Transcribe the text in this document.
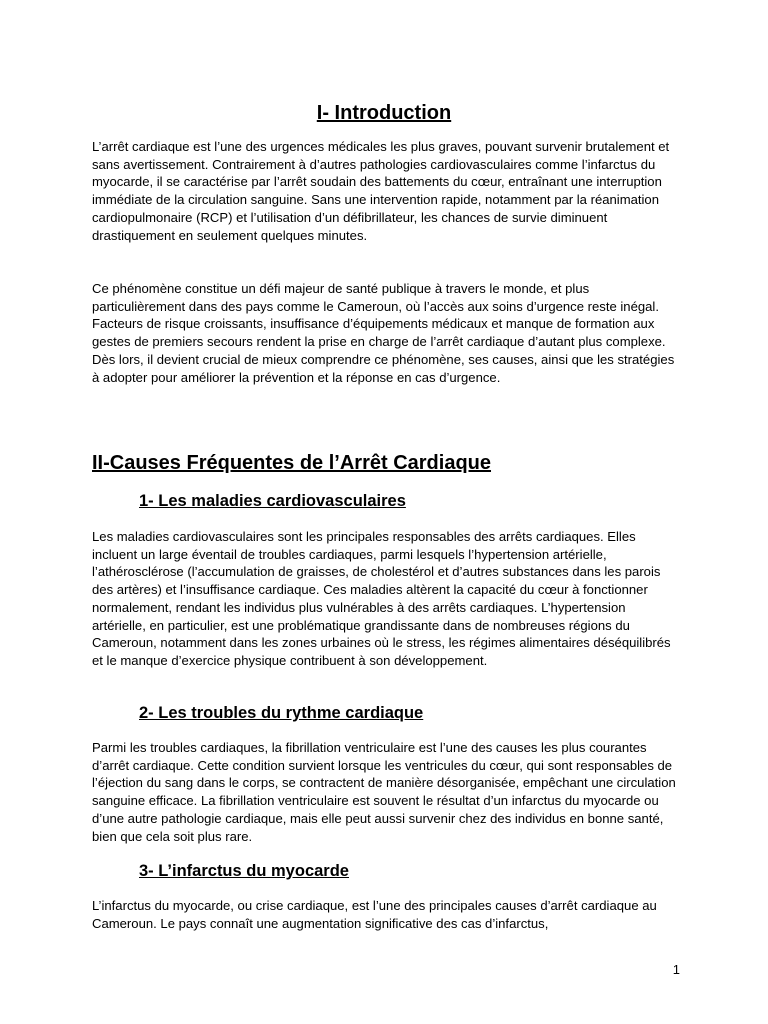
I- Introduction

L’arrêt cardiaque est l’une des urgences médicales les plus graves, pouvant survenir brutalement et sans avertissement. Contrairement à d’autres pathologies cardiovasculaires comme l’infarctus du myocarde, il se caractérise par l’arrêt soudain des battements du cœur, entraînant une interruption immédiate de la circulation sanguine. Sans une intervention rapide, notamment par la réanimation cardiopulmonaire (RCP) et l’utilisation d’un défibrillateur, les chances de survie diminuent drastiquement en seulement quelques minutes.

Ce phénomène constitue un défi majeur de santé publique à travers le monde, et plus particulièrement dans des pays comme le Cameroun, où l’accès aux soins d’urgence reste inégal. Facteurs de risque croissants, insuffisance d’équipements médicaux et manque de formation aux gestes de premiers secours rendent la prise en charge de l’arrêt cardiaque d’autant plus complexe. Dès lors, il devient crucial de mieux comprendre ce phénomène, ses causes, ainsi que les stratégies à adopter pour améliorer la prévention et la réponse en cas d’urgence.

II-Causes Fréquentes de l’Arrêt Cardiaque
1- Les maladies cardiovasculaires

Les maladies cardiovasculaires sont les principales responsables des arrêts cardiaques. Elles incluent un large éventail de troubles cardiaques, parmi lesquels l’hypertension artérielle, l’athérosclérose (l’accumulation de graisses, de cholestérol et d’autres substances dans les parois des artères) et l’insuffisance cardiaque. Ces maladies altèrent la capacité du cœur à fonctionner normalement, rendant les individus plus vulnérables à des arrêts cardiaques. L’hypertension artérielle, en particulier, est une problématique grandissante dans de nombreuses régions du Cameroun, notamment dans les zones urbaines où le stress, les régimes alimentaires déséquilibrés et le manque d’exercice physique contribuent à son développement.

2- Les troubles du rythme cardiaque

Parmi les troubles cardiaques, la fibrillation ventriculaire est l’une des causes les plus courantes d’arrêt cardiaque. Cette condition survient lorsque les ventricules du cœur, qui sont responsables de l’éjection du sang dans le corps, se contractent de manière désorganisée, empêchant une circulation sanguine efficace. La fibrillation ventriculaire est souvent le résultat d’un infarctus du myocarde ou d’une autre pathologie cardiaque, mais elle peut aussi survenir chez des individus en bonne santé, bien que cela soit plus rare.

3- L’infarctus du myocarde

L’infarctus du myocarde, ou crise cardiaque, est l’une des principales causes d’arrêt cardiaque au Cameroun. Le pays connaît une augmentation significative des cas d’infarctus,

1
